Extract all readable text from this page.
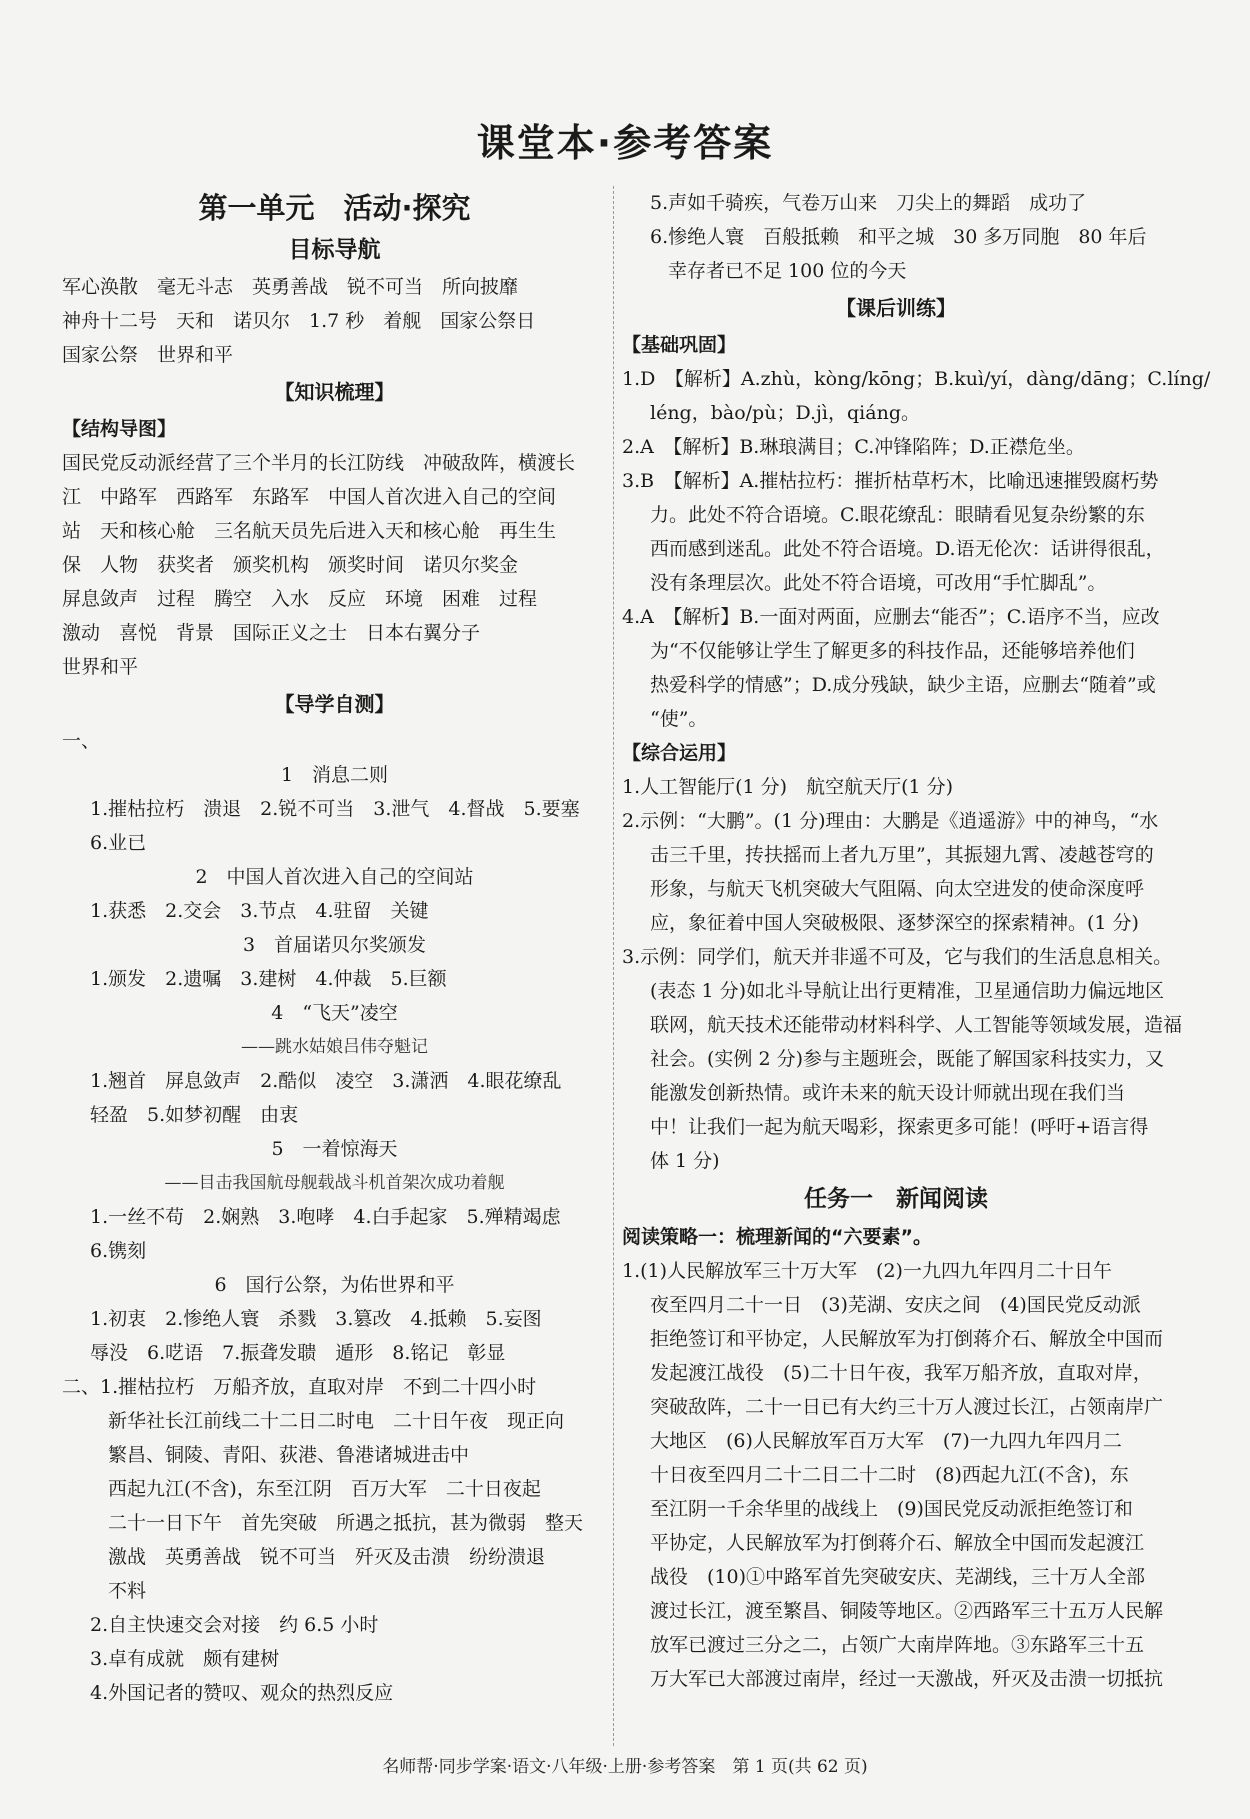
课堂本·参考答案
第一单元　活动·探究
目标导航
军心涣散　毫无斗志　英勇善战　锐不可当　所向披靡
神舟十二号　天和　诺贝尔　1.7 秒　着舰　国家公祭日
国家公祭　世界和平
【知识梳理】
【结构导图】
国民党反动派经营了三个半月的长江防线　冲破敌阵，横渡长
江　中路军　西路军　东路军　中国人首次进入自己的空间
站　天和核心舱　三名航天员先后进入天和核心舱　再生生
保　人物　获奖者　颁奖机构　颁奖时间　诺贝尔奖金
屏息敛声　过程　腾空　入水　反应　环境　困难　过程
激动　喜悦　背景　国际正义之士　日本右翼分子
世界和平
【导学自测】
一、
1　消息二则
1.摧枯拉朽　溃退　2.锐不可当　3.泄气　4.督战　5.要塞
6.业已
2　中国人首次进入自己的空间站
1.获悉　2.交会　3.节点　4.驻留　关键
3　首届诺贝尔奖颁发
1.颁发　2.遗嘱　3.建树　4.仲裁　5.巨额
4　“飞天”凌空
——跳水姑娘吕伟夺魁记
1.翘首　屏息敛声　2.酷似　凌空　3.潇洒　4.眼花缭乱
轻盈　5.如梦初醒　由衷
5　一着惊海天
——目击我国航母舰载战斗机首架次成功着舰
1.一丝不苟　2.娴熟　3.咆哮　4.白手起家　5.殚精竭虑
6.镌刻
6　国行公祭，为佑世界和平
1.初衷　2.惨绝人寰　杀戮　3.篡改　4.抵赖　5.妄图
辱没　6.呓语　7.振聋发聩　遁形　8.铭记　彰显
二、1.摧枯拉朽　万船齐放，直取对岸　不到二十四小时
新华社长江前线二十二日二时电　二十日午夜　现正向
繁昌、铜陵、青阳、荻港、鲁港诸城进击中
西起九江(不含)，东至江阴　百万大军　二十日夜起
二十一日下午　首先突破　所遇之抵抗，甚为微弱　整天
激战　英勇善战　锐不可当　歼灭及击溃　纷纷溃退
不料
2.自主快速交会对接　约 6.5 小时
3.卓有成就　颇有建树
4.外国记者的赞叹、观众的热烈反应
5.声如千骑疾，气卷万山来　刀尖上的舞蹈　成功了
6.惨绝人寰　百般抵赖　和平之城　30 多万同胞　80 年后
幸存者已不足 100 位的今天
【课后训练】
【基础巩固】
1.D　【解析】A.zhù，kòng/kōng；B.kuì/yí，dàng/dāng；C.líng/
léng，bào/pù；D.jì，qiáng。
2.A　【解析】B.琳琅满目；C.冲锋陷阵；D.正襟危坐。
3.B　【解析】A.摧枯拉朽：摧折枯草朽木，比喻迅速摧毁腐朽势
力。此处不符合语境。C.眼花缭乱：眼睛看见复杂纷繁的东
西而感到迷乱。此处不符合语境。D.语无伦次：话讲得很乱，
没有条理层次。此处不符合语境，可改用“手忙脚乱”。
4.A　【解析】B.一面对两面，应删去“能否”；C.语序不当，应改
为“不仅能够让学生了解更多的科技作品，还能够培养他们
热爱科学的情感”；D.成分残缺，缺少主语，应删去“随着”或
“使”。
【综合运用】
1.人工智能厅(1 分)　航空航天厅(1 分)
2.示例：“大鹏”。(1 分)理由：大鹏是《逍遥游》中的神鸟，“水
击三千里，抟扶摇而上者九万里”，其振翅九霄、凌越苍穹的
形象，与航天飞机突破大气阻隔、向太空进发的使命深度呼
应，象征着中国人突破极限、逐梦深空的探索精神。(1 分)
3.示例：同学们，航天并非遥不可及，它与我们的生活息息相关。
(表态 1 分)如北斗导航让出行更精准，卫星通信助力偏远地区
联网，航天技术还能带动材料科学、人工智能等领域发展，造福
社会。(实例 2 分)参与主题班会，既能了解国家科技实力，又
能激发创新热情。或许未来的航天设计师就出现在我们当
中！让我们一起为航天喝彩，探索更多可能！(呼吁+语言得
体 1 分)
任务一　新闻阅读
阅读策略一：梳理新闻的“六要素”。
1.(1)人民解放军三十万大军　(2)一九四九年四月二十日午
夜至四月二十一日　(3)芜湖、安庆之间　(4)国民党反动派
拒绝签订和平协定，人民解放军为打倒蒋介石、解放全中国而
发起渡江战役　(5)二十日午夜，我军万船齐放，直取对岸，
突破敌阵，二十一日已有大约三十万人渡过长江，占领南岸广
大地区　(6)人民解放军百万大军　(7)一九四九年四月二
十日夜至四月二十二日二十二时　(8)西起九江(不含)，东
至江阴一千余华里的战线上　(9)国民党反动派拒绝签订和
平协定，人民解放军为打倒蒋介石、解放全中国而发起渡江
战役　(10)①中路军首先突破安庆、芜湖线，三十万人全部
渡过长江，渡至繁昌、铜陵等地区。②西路军三十五万人民解
放军已渡过三分之二，占领广大南岸阵地。③东路军三十五
万大军已大部渡过南岸，经过一天激战，歼灭及击溃一切抵抗
名师帮·同步学案·语文·八年级·上册·参考答案　第 1 页(共 62 页)
